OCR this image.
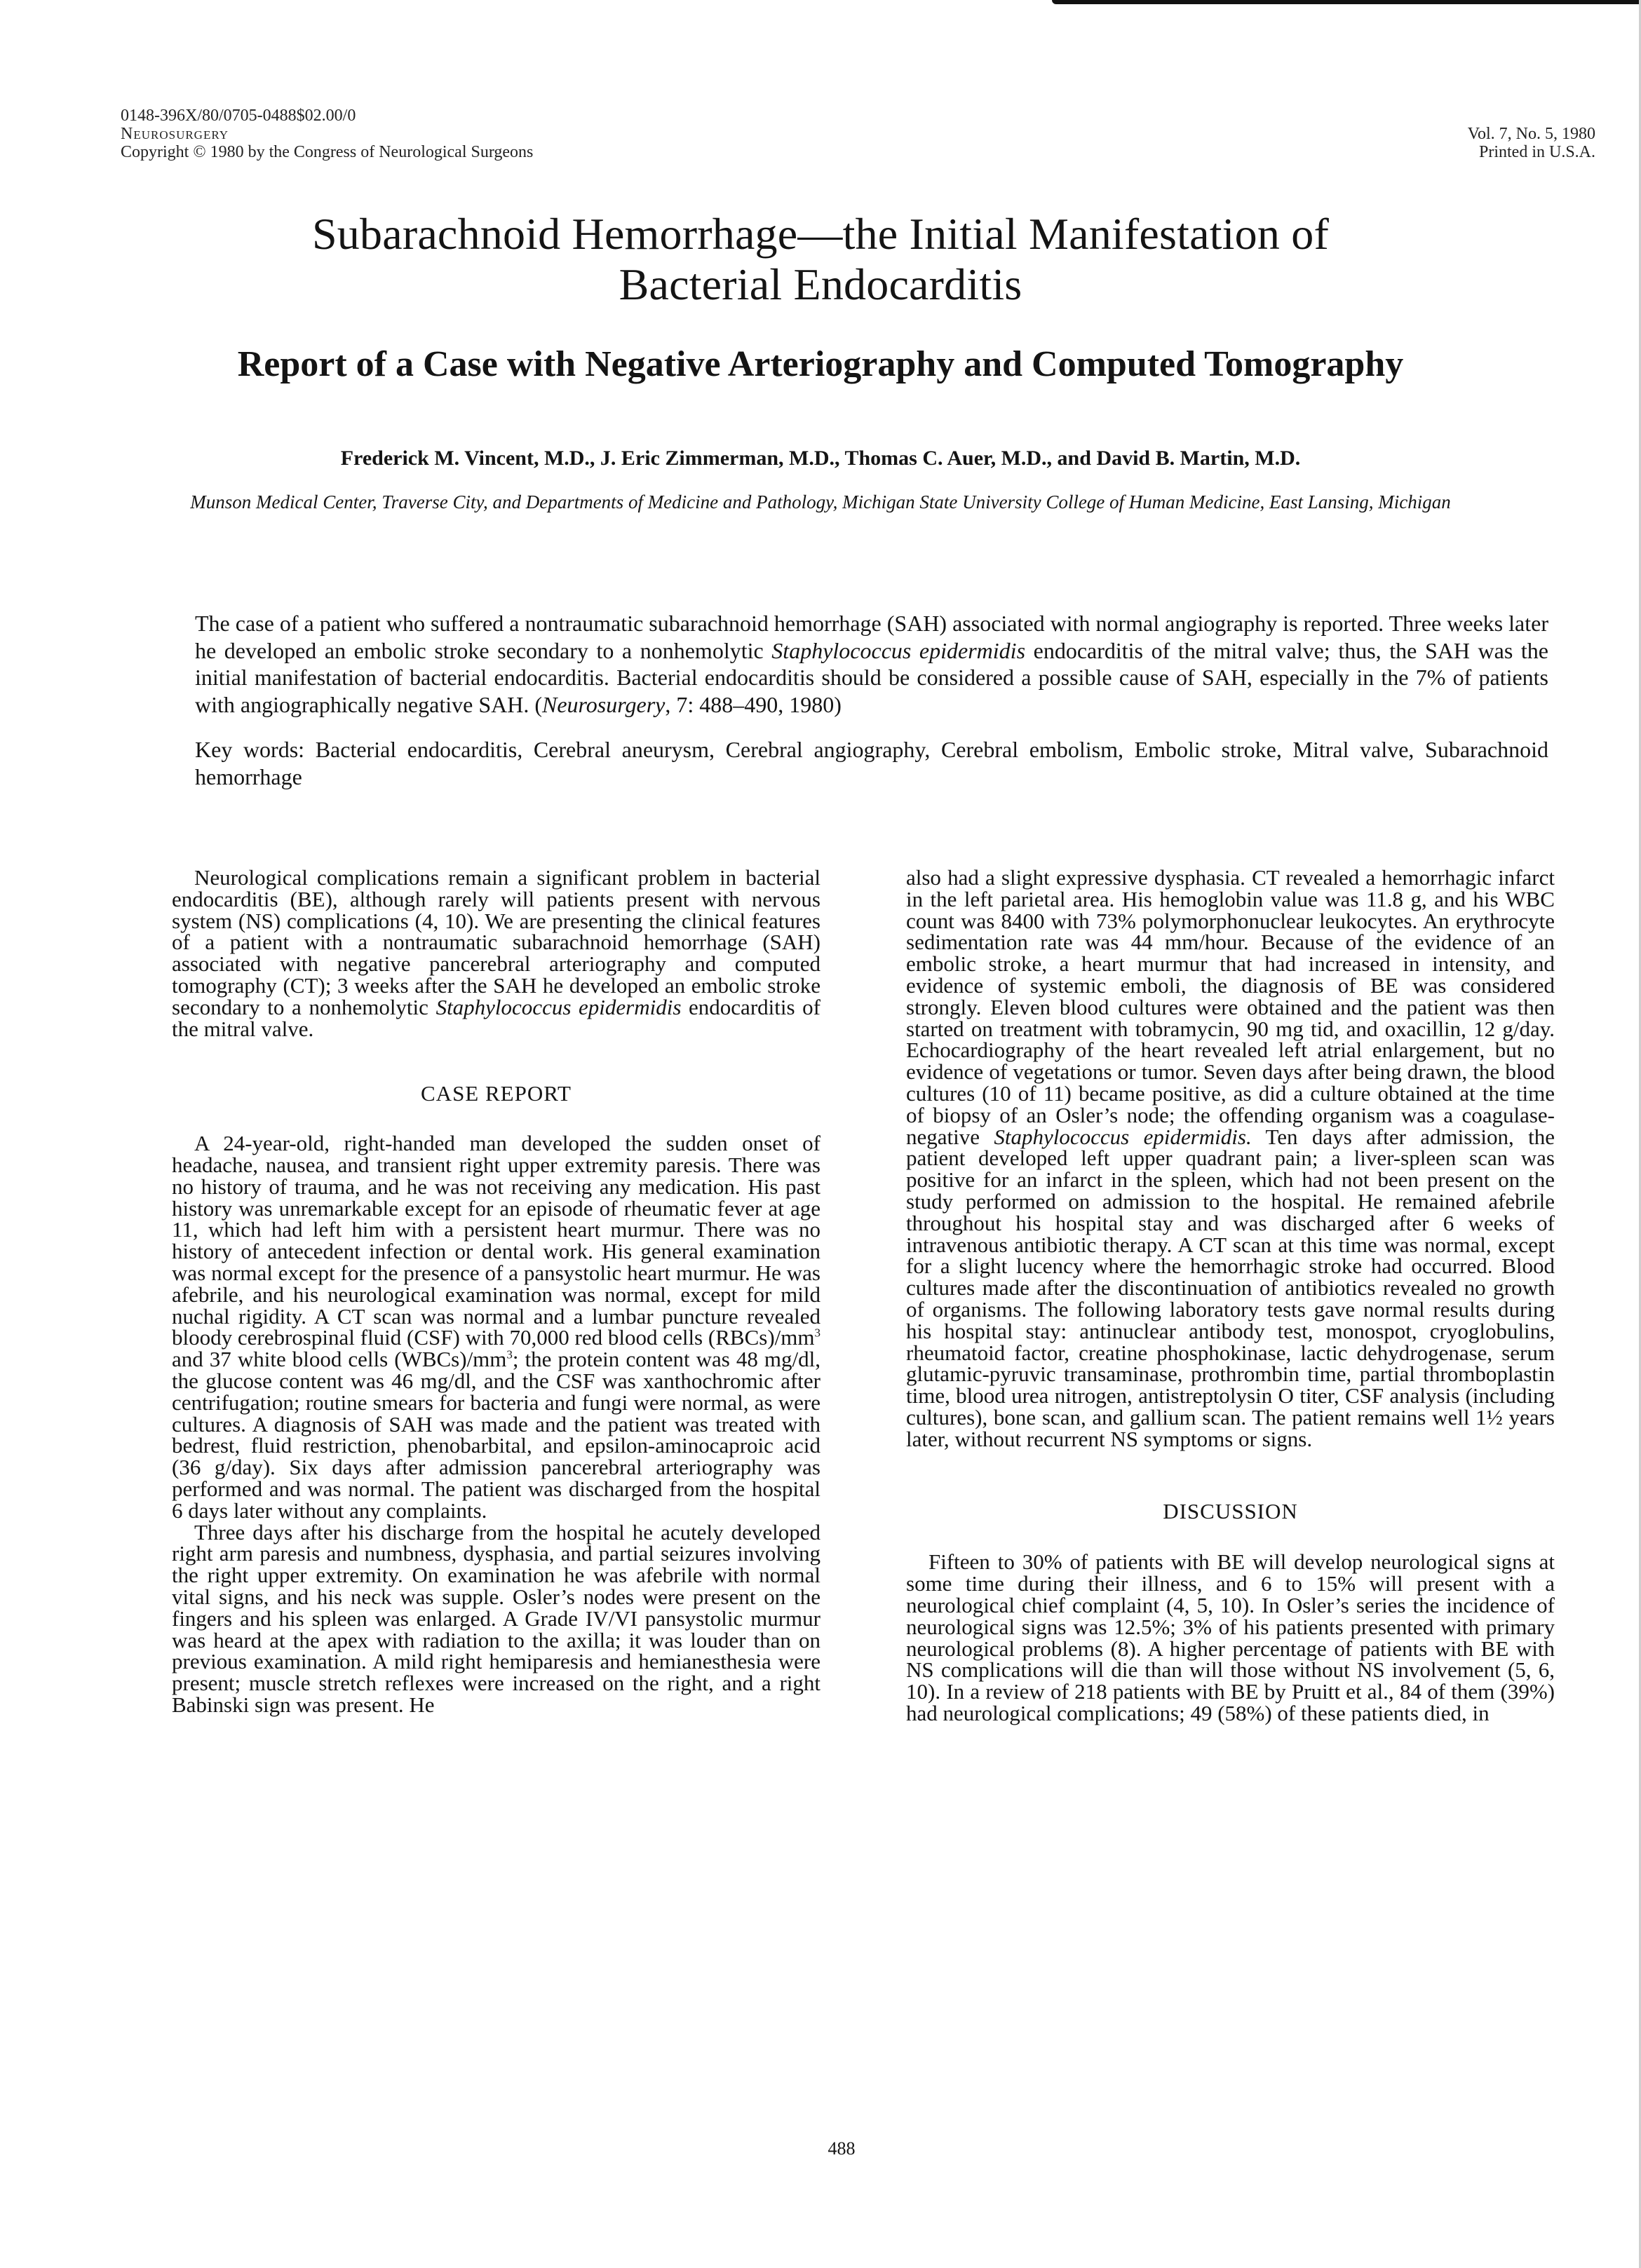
0148-396X/80/0705-0488$02.00/0
Neurosurgery
Copyright © 1980 by the Congress of Neurological Surgeons
Vol. 7, No. 5, 1980
Printed in U.S.A.
Subarachnoid Hemorrhage—the Initial Manifestation of
Bacterial Endocarditis
Report of a Case with Negative Arteriography and Computed Tomography
Frederick M. Vincent, M.D., J. Eric Zimmerman, M.D., Thomas C. Auer, M.D., and David B. Martin, M.D.
Munson Medical Center, Traverse City, and Departments of Medicine and Pathology, Michigan State University College of Human Medicine, East Lansing, Michigan

The case of a patient who suffered a nontraumatic subarachnoid hemorrhage (SAH) associated with normal angiography is reported. Three weeks later he developed an embolic stroke secondary to a nonhemolytic Staphylococcus epidermidis endocarditis of the mitral valve; thus, the SAH was the initial manifestation of bacterial endocarditis. Bacterial endocarditis should be considered a possible cause of SAH, especially in the 7% of patients with angiographically negative SAH. (Neurosurgery, 7: 488–490, 1980)

Key words: Bacterial endocarditis, Cerebral aneurysm, Cerebral angiography, Cerebral embolism, Embolic stroke, Mitral valve, Subarachnoid hemorrhage

Neurological complications remain a significant problem in bacterial endocarditis (BE), although rarely will patients present with nervous system (NS) complications (4, 10). We are presenting the clinical features of a patient with a nontraumatic subarachnoid hemorrhage (SAH) associated with negative pancerebral arteriography and computed tomography (CT); 3 weeks after the SAH he developed an embolic stroke secondary to a nonhemolytic Staphylococcus epidermidis endocarditis of the mitral valve.

CASE REPORT

A 24-year-old, right-handed man developed the sudden onset of headache, nausea, and transient right upper extremity paresis. There was no history of trauma, and he was not receiving any medication. His past history was unremarkable except for an episode of rheumatic fever at age 11, which had left him with a persistent heart murmur. There was no history of antecedent infection or dental work. His general examination was normal except for the presence of a pansystolic heart murmur. He was afebrile, and his neurological examination was normal, except for mild nuchal rigidity. A CT scan was normal and a lumbar puncture revealed bloody cerebrospinal fluid (CSF) with 70,000 red blood cells $(RBCs)/mm^3$ and 37 white blood cells $(WBCs)/mm^3$; the protein content was 48 mg/dl, the glucose content was 46 mg/dl, and the CSF was xanthochromic after centrifugation; routine smears for bacteria and fungi were normal, as were cultures. A diagnosis of SAH was made and the patient was treated with bedrest, fluid restriction, phenobarbital, and epsilon-aminocaproic acid (36 g/day). Six days after admission pancerebral arteriography was performed and was normal. The patient was discharged from the hospital 6 days later without any complaints.

Three days after his discharge from the hospital he acutely developed right arm paresis and numbness, dysphasia, and partial seizures involving the right upper extremity. On examination he was afebrile with normal vital signs, and his neck was supple. Osler’s nodes were present on the fingers and his spleen was enlarged. A Grade IV/VI pansystolic murmur was heard at the apex with radiation to the axilla; it was louder than on previous examination. A mild right hemiparesis and hemianesthesia were present; muscle stretch reflexes were increased on the right, and a right Babinski sign was present. He

also had a slight expressive dysphasia. CT revealed a hemorrhagic infarct in the left parietal area. His hemoglobin value was 11.8 g, and his WBC count was 8400 with 73% polymorphonuclear leukocytes. An erythrocyte sedimentation rate was 44 mm/hour. Because of the evidence of an embolic stroke, a heart murmur that had increased in intensity, and evidence of systemic emboli, the diagnosis of BE was considered strongly. Eleven blood cultures were obtained and the patient was then started on treatment with tobramycin, 90 mg tid, and oxacillin, 12 g/day. Echocardiography of the heart revealed left atrial enlargement, but no evidence of vegetations or tumor. Seven days after being drawn, the blood cultures (10 of 11) became positive, as did a culture obtained at the time of biopsy of an Osler’s node; the offending organism was a coagulase-negative Staphylococcus epidermidis. Ten days after admission, the patient developed left upper quadrant pain; a liver-spleen scan was positive for an infarct in the spleen, which had not been present on the study performed on admission to the hospital. He remained afebrile throughout his hospital stay and was discharged after 6 weeks of intravenous antibiotic therapy. A CT scan at this time was normal, except for a slight lucency where the hemorrhagic stroke had occurred. Blood cultures made after the discontinuation of antibiotics revealed no growth of organisms. The following laboratory tests gave normal results during his hospital stay: antinuclear antibody test, monospot, cryoglobulins, rheumatoid factor, creatine phosphokinase, lactic dehydrogenase, serum glutamic-pyruvic transaminase, prothrombin time, partial thromboplastin time, blood urea nitrogen, antistreptolysin O titer, CSF analysis (including cultures), bone scan, and gallium scan. The patient remains well 1½ years later, without recurrent NS symptoms or signs.

DISCUSSION

Fifteen to 30% of patients with BE will develop neurological signs at some time during their illness, and 6 to 15% will present with a neurological chief complaint (4, 5, 10). In Osler’s series the incidence of neurological signs was 12.5%; 3% of his patients presented with primary neurological problems (8). A higher percentage of patients with BE with NS complications will die than will those without NS involvement (5, 6, 10). In a review of 218 patients with BE by Pruitt et al., 84 of them (39%) had neurological complications; 49 (58%) of these patients died, in

488
